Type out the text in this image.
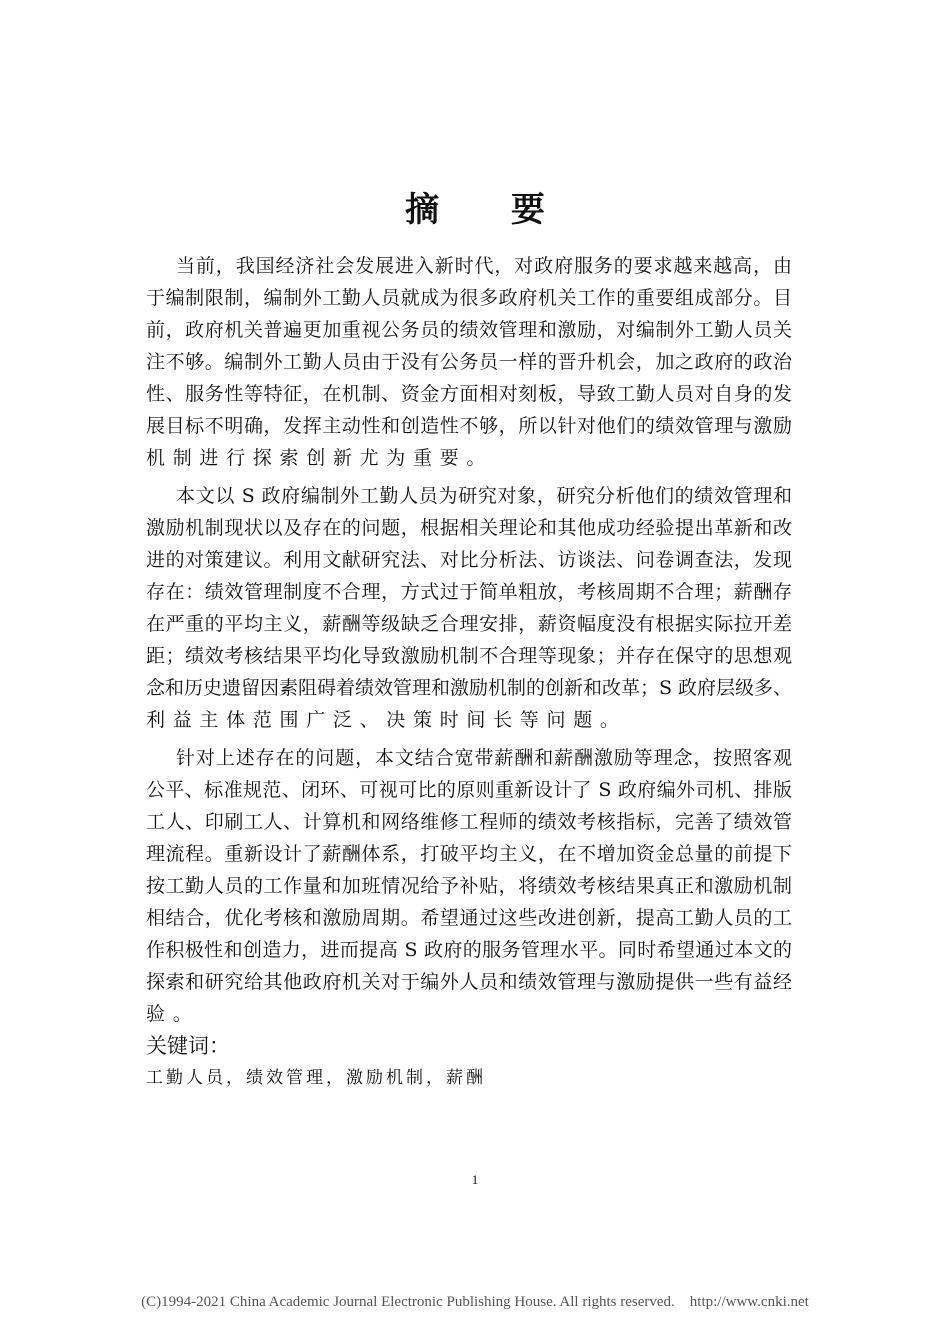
摘 要
当前，我国经济社会发展进入新时代，对政府服务的要求越来越高，由
于编制限制，编制外工勤人员就成为很多政府机关工作的重要组成部分。目
前，政府机关普遍更加重视公务员的绩效管理和激励，对编制外工勤人员关
注不够。编制外工勤人员由于没有公务员一样的晋升机会，加之政府的政治
性、服务性等特征，在机制、资金方面相对刻板，导致工勤人员对自身的发
展目标不明确，发挥主动性和创造性不够，所以针对他们的绩效管理与激励
机制进行探索创新尤为重要。
本文以 S 政府编制外工勤人员为研究对象，研究分析他们的绩效管理和
激励机制现状以及存在的问题，根据相关理论和其他成功经验提出革新和改
进的对策建议。利用文献研究法、对比分析法、访谈法、问卷调查法，发现
存在：绩效管理制度不合理，方式过于简单粗放，考核周期不合理；薪酬存
在严重的平均主义，薪酬等级缺乏合理安排，薪资幅度没有根据实际拉开差
距；绩效考核结果平均化导致激励机制不合理等现象；并存在保守的思想观
念和历史遗留因素阻碍着绩效管理和激励机制的创新和改革；S 政府层级多、
利益主体范围广泛、决策时间长等问题。
针对上述存在的问题，本文结合宽带薪酬和薪酬激励等理念，按照客观
公平、标准规范、闭环、可视可比的原则重新设计了 S 政府编外司机、排版
工人、印刷工人、计算机和网络维修工程师的绩效考核指标，完善了绩效管
理流程。重新设计了薪酬体系，打破平均主义，在不增加资金总量的前提下
按工勤人员的工作量和加班情况给予补贴，将绩效考核结果真正和激励机制
相结合，优化考核和激励周期。希望通过这些改进创新，提高工勤人员的工
作积极性和创造力，进而提高 S 政府的服务管理水平。同时希望通过本文的
探索和研究给其他政府机关对于编外人员和绩效管理与激励提供一些有益经
验。
关键词：
工勤人员，绩效管理，激励机制，薪酬
1
(C)1994-2021 China Academic Journal Electronic Publishing House. All rights reserved.    http://www.cnki.net
